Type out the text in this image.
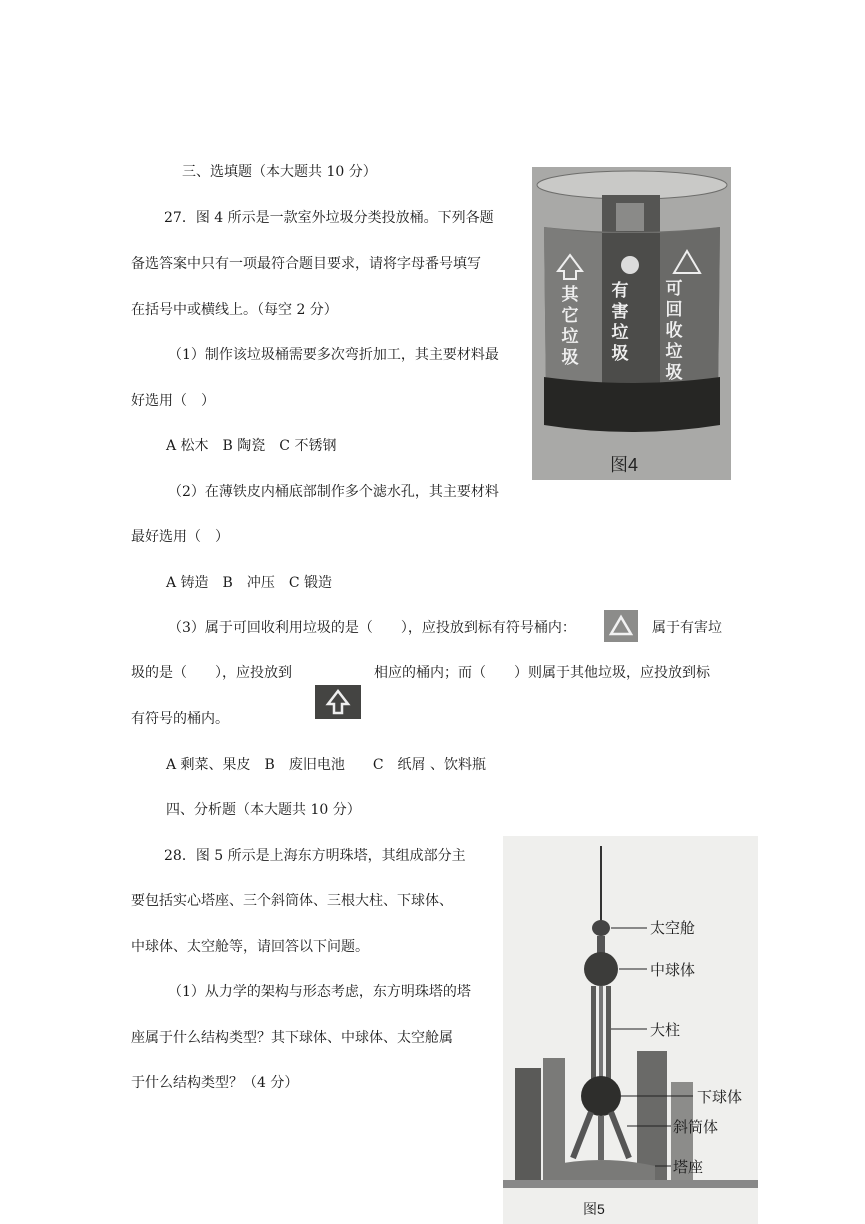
三、选填题（本大题共 10 分）
27．图 4 所示是一款室外垃圾分类投放桶。下列各题
备选答案中只有一项最符合题目要求，请将字母番号填写
在括号中或横线上。（每空 2 分）
（1）制作该垃圾桶需要多次弯折加工，其主要材料最
好选用（　）
A 松木　B 陶瓷　C 不锈钢
（2）在薄铁皮内桶底部制作多个滤水孔，其主要材料
最好选用（　）
A 铸造　B　冲压　C 锻造
（3）属于可回收利用垃圾的是（　　），应投放到标有符号桶内：	属于有害垃
圾的是（　　），应投放到	相应的桶内；而（　　）则属于其他垃圾，应投放到标
有符号的桶内。
A 剩菜、果皮　B　废旧电池　　C　纸屑 、饮料瓶
四、分析题（本大题共 10 分）
28．图 5 所示是上海东方明珠塔，其组成部分主
要包括实心塔座、三个斜筒体、三根大柱、下球体、
中球体、太空舱等，请回答以下问题。
（1）从力学的架构与形态考虑，东方明珠塔的塔
座属于什么结构类型？其下球体、中球体、太空舱属
于什么结构类型？（4 分）
其
它
垃
圾
有
害
垃
圾
可
回
收
垃
圾
图4
太空舱
中球体
大柱
下球体
斜筒体
塔座
图5
